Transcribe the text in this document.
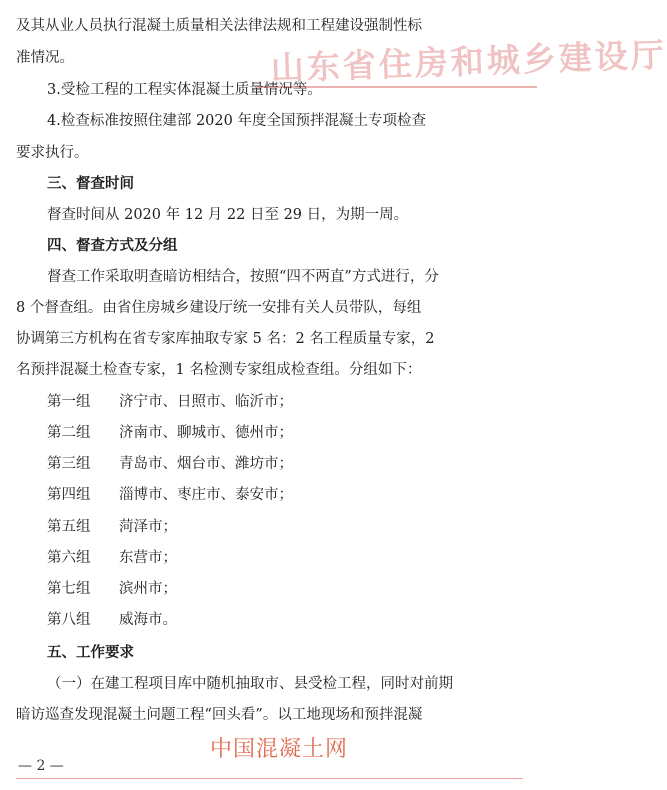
山东省住房和城乡建设厅
及其从业人员执行混凝土质量相关法律法规和工程建设强制性标
准情况。
3.受检工程的工程实体混凝土质量情况等。
4.检查标准按照住建部 2020 年度全国预拌混凝土专项检查
要求执行。
三、督查时间
督查时间从 2020 年 12 月 22 日至 29 日，为期一周。
四、督查方式及分组
督查工作采取明查暗访相结合，按照“四不两直”方式进行，分
8 个督查组。由省住房城乡建设厅统一安排有关人员带队，每组
协调第三方机构在省专家库抽取专家 5 名：2 名工程质量专家，2
名预拌混凝土检查专家，1 名检测专家组成检查组。分组如下：
第一组 济宁市、日照市、临沂市；
第二组 济南市、聊城市、德州市；
第三组 青岛市、烟台市、潍坊市；
第四组 淄博市、枣庄市、泰安市；
第五组 菏泽市；
第六组 东营市；
第七组 滨州市；
第八组 威海市。
五、工作要求
（一）在建工程项目库中随机抽取市、县受检工程，同时对前期
暗访巡查发现混凝土问题工程“回头看”。以工地现场和预拌混凝
中国混凝土网
— 2 —
